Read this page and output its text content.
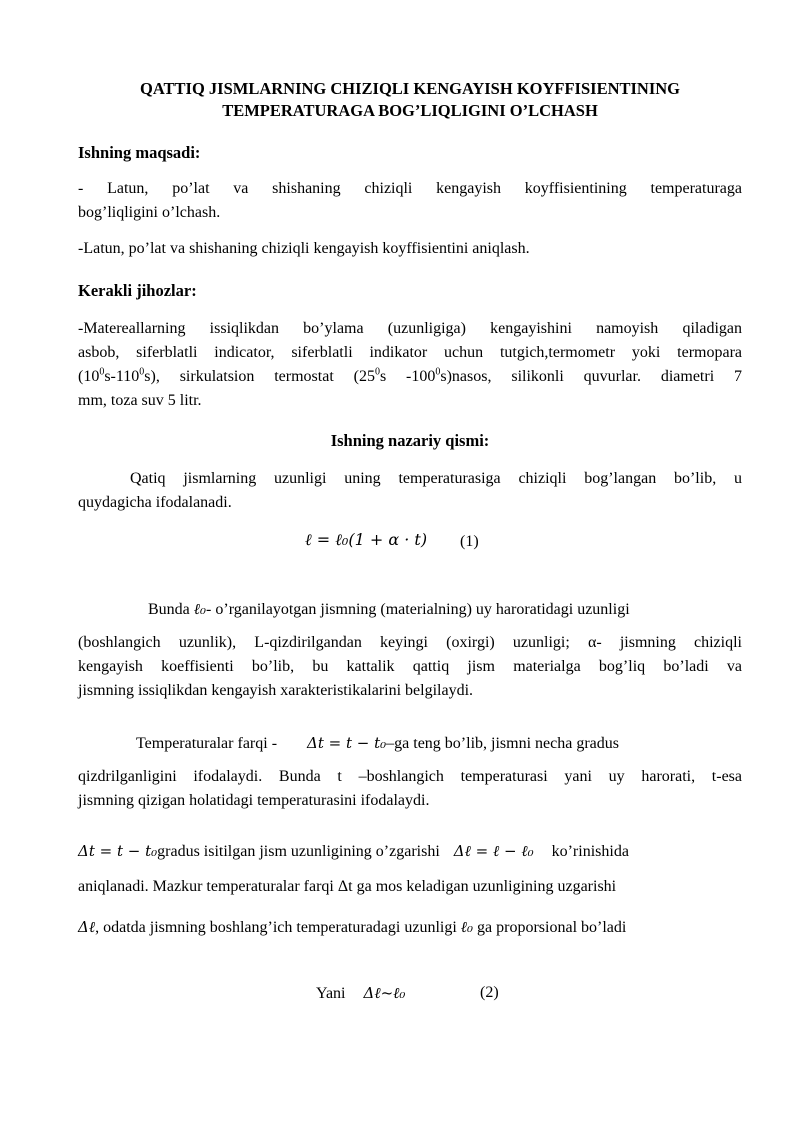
QATTIQ JISMLARNING CHIZIQLI KENGAYISH KOYFFISIENTINING
TEMPERATURAGA BOG’LIQLIGINI O’LCHASH
Ishning maqsadi:
- Latun, po’lat va shishaning chiziqli kengayish koyffisientining temperaturaga
bog’liqligini o’lchash.
-Latun, po’lat va shishaning chiziqli kengayish koyffisientini aniqlash.
Kerakli jihozlar:
-Matereallarning issiqlikdan bo’ylama (uzunligiga) kengayishini namoyish qiladigan
asbob, siferblatli indicator, siferblatli indikator uchun tutgich,termometr yoki termopara
$(10^0s-110^0s)$, sirkulatsion termostat ($25^0s$ $-100^0s)nasos$, silikonli quvurlar. diametri 7
mm, toza suv 5 litr.
Ishning nazariy qismi:
Qatiq jismlarning uzunligi uning temperaturasiga chiziqli bog’langan bo’lib, u
quydagicha ifodalanadi.
ℓ = ℓ₀(1 + α · t) (1)
Bunda ℓ₀- o’rganilayotgan jismning (materialning) uy haroratidagi uzunligi
(boshlangich uzunlik), L-qizdirilgandan keyingi (oxirgi) uzunligi; α- jismning chiziqli
kengayish koeffisienti bo’lib, bu kattalik qattiq jism materialga bog’liq bo’ladi va
jismning issiqlikdan kengayish xarakteristikalarini belgilaydi.
Temperaturalar farqi - Δt = t − t₀–ga teng bo’lib, jismni necha gradus
qizdrilganligini ifodalaydi. Bunda t –boshlangich temperaturasi yani uy harorati, t-esa
jismning qizigan holatidagi temperaturasini ifodalaydi.
Δt = t − t₀gradus isitilgan jism uzunligining o’zgarishi Δℓ = ℓ − ℓ₀ ko’rinishida
aniqlanadi. Mazkur temperaturalar farqi Δt ga mos keladigan uzunligining uzgarishi
Δℓ, odatda jismning boshlang’ich temperaturadagi uzunligi ℓ₀ ga proporsional bo’ladi
Yani Δℓ~ℓ₀	(2)
